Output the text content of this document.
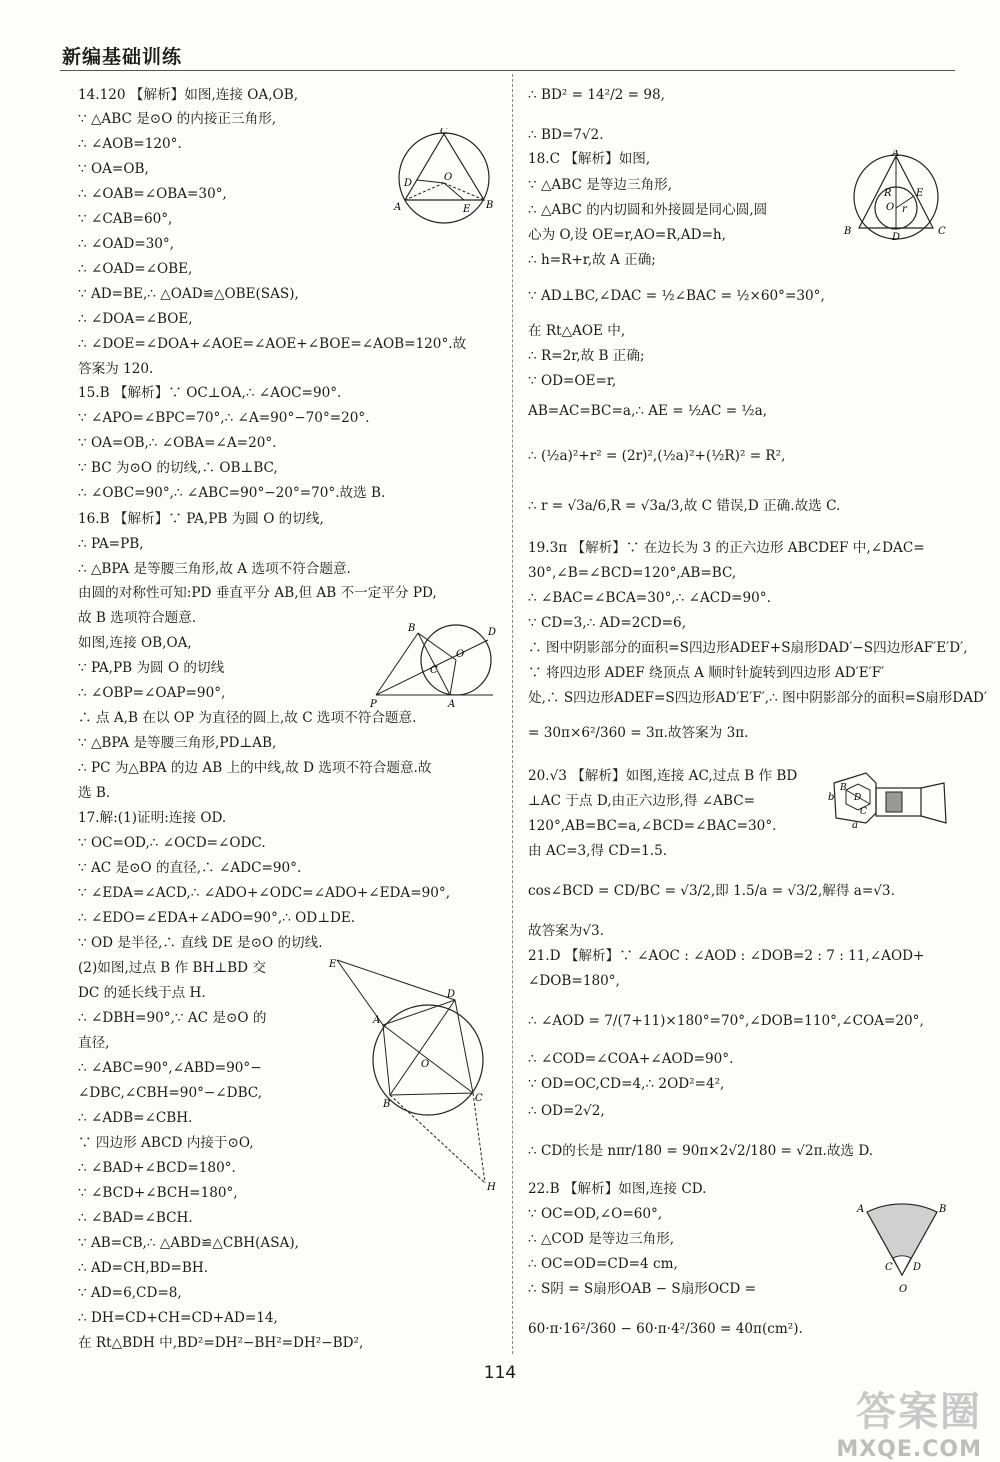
新编基础训练
14.120 【解析】如图,连接 OA,OB,
∵ △ABC 是⊙O 的内接正三角形,
∴ ∠AOB=120°.
∵ OA=OB,
∴ ∠OAB=∠OBA=30°,
∵ ∠CAB=60°,
∴ ∠OAD=30°,
∴ ∠OAD=∠OBE,
∵ AD=BE,∴ △OAD≌△OBE(SAS),
∴ ∠DOA=∠BOE,
∴ ∠DOE=∠DOA+∠AOE=∠AOE+∠BOE=∠AOB=120°.故
答案为 120.
15.B 【解析】∵ OC⊥OA,∴ ∠AOC=90°.
∵ ∠APO=∠BPC=70°,∴ ∠A=90°−70°=20°.
∵ OA=OB,∴ ∠OBA=∠A=20°.
∵ BC 为⊙O 的切线,∴ OB⊥BC,
∴ ∠OBC=90°,∴ ∠ABC=90°−20°=70°.故选 B.
16.B 【解析】∵ PA,PB 为圆 O 的切线,
∴ PA=PB,
∴ △BPA 是等腰三角形,故 A 选项不符合题意.
由圆的对称性可知:PD 垂直平分 AB,但 AB 不一定平分 PD,
故 B 选项符合题意.
如图,连接 OB,OA,
∵ PA,PB 为圆 O 的切线
∴ ∠OBP=∠OAP=90°,
∴ 点 A,B 在以 OP 为直径的圆上,故 C 选项不符合题意.
∵ △BPA 是等腰三角形,PD⊥AB,
∴ PC 为△BPA 的边 AB 上的中线,故 D 选项不符合题意.故
选 B.
17.解:(1)证明:连接 OD.
∵ OC=OD,∴ ∠OCD=∠ODC.
∵ AC 是⊙O 的直径,∴ ∠ADC=90°.
∵ ∠EDA=∠ACD,∴ ∠ADO+∠ODC=∠ADO+∠EDA=90°,
∴ ∠EDO=∠EDA+∠ADO=90°,∴ OD⊥DE.
∵ OD 是半径,∴ 直线 DE 是⊙O 的切线.
(2)如图,过点 B 作 BH⊥BD 交
DC 的延长线于点 H.
∴ ∠DBH=90°,∵ AC 是⊙O 的
直径,
∴ ∠ABC=90°,∠ABD=90°−
∠DBC,∠CBH=90°−∠DBC,
∴ ∠ADB=∠CBH.
∵ 四边形 ABCD 内接于⊙O,
∴ ∠BAD+∠BCD=180°.
∵ ∠BCD+∠BCH=180°,
∴ ∠BAD=∠BCH.
∵ AB=CB,∴ △ABD≌△CBH(ASA),
∴ AD=CH,BD=BH.
∵ AD=6,CD=8,
∴ DH=CD+CH=CD+AD=14,
在 Rt△BDH 中,BD²=DH²−BH²=DH²−BD²,
∴ BD² = 14²/2 = 98,
∴ BD=7√2.
18.C 【解析】如图,
∵ △ABC 是等边三角形,
∴ △ABC 的内切圆和外接圆是同心圆,圆
心为 O,设 OE=r,AO=R,AD=h,
∴ h=R+r,故 A 正确;
∵ AD⊥BC,∠DAC = ½∠BAC = ½×60°=30°,
在 Rt△AOE 中,
∴ R=2r,故 B 正确;
∵ OD=OE=r,
AB=AC=BC=a,∴ AE = ½AC = ½a,
∴ (½a)²+r² = (2r)²,(½a)²+(½R)² = R²,
∴ r = √3a/6,R = √3a/3,故 C 错误,D 正确.故选 C.
19.3π 【解析】∵ 在边长为 3 的正六边形 ABCDEF 中,∠DAC=
30°,∠B=∠BCD=120°,AB=BC,
∴ ∠BAC=∠BCA=30°,∴ ∠ACD=90°.
∵ CD=3,∴ AD=2CD=6,
∴ 图中阴影部分的面积=S四边形ADEF+S扇形DAD′−S四边形AF′E′D′,
∵ 将四边形 ADEF 绕顶点 A 顺时针旋转到四边形 AD′E′F′
处,∴ S四边形ADEF=S四边形AD′E′F′,∴ 图中阴影部分的面积=S扇形DAD′
= 30π×6²/360 = 3π.故答案为 3π.
20.√3 【解析】如图,连接 AC,过点 B 作 BD
⊥AC 于点 D,由正六边形,得 ∠ABC=
120°,AB=BC=a,∠BCD=∠BAC=30°.
由 AC=3,得 CD=1.5.
cos∠BCD = CD/BC = √3/2,即 1.5/a = √3/2,解得 a=√3.
故答案为√3.
21.D 【解析】∵ ∠AOC : ∠AOD : ∠DOB=2 : 7 : 11,∠AOD+
∠DOB=180°,
∴ ∠AOD = 7/(7+11)×180°=70°,∠DOB=110°,∠COA=20°,
∴ ∠COD=∠COA+∠AOD=90°.
∵ OD=OC,CD=4,∴ 2OD²=4²,
∴ OD=2√2,
∴ CD的长是 nπr/180 = 90π×2√2/180 = √2π.故选 D.
22.B 【解析】如图,连接 CD.
∵ OC=OD,∠O=60°,
∴ △COD 是等边三角形,
∴ OC=OD=CD=4 cm,
∴ S阴 = S扇形OAB − S扇形OCD =
60·π·16²/360 − 60·π·4²/360 = 40π(cm²).
C
D
O
A	E B
B	D
O
C
P	A
E
D
A
O
B
C
H
A
R
O r
E
B
D
C
b
B
D
C
a
A	B
C D
O
114
答案圈
MXQE.COM
